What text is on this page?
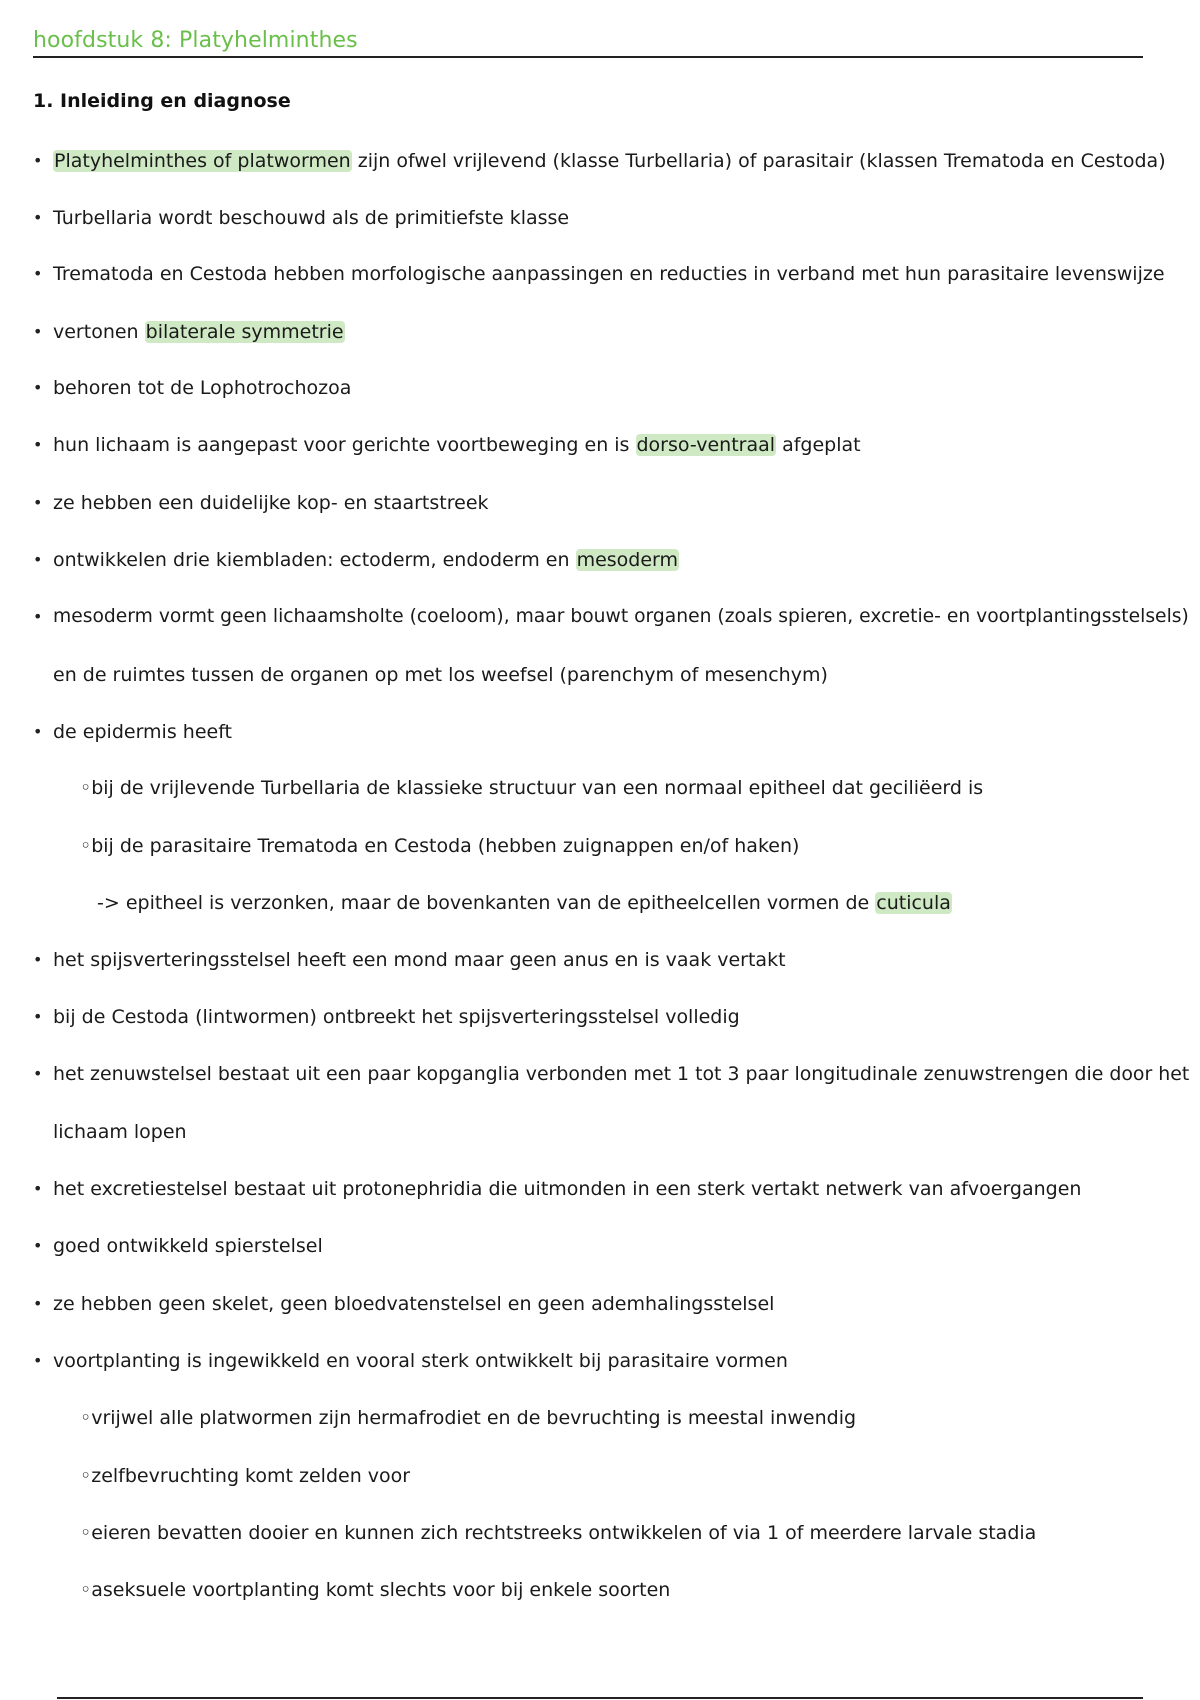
hoofdstuk 8: Platyhelminthes
1. Inleiding en diagnose
• Platyhelminthes of platwormen zijn ofwel vrijlevend (klasse Turbellaria) of parasitair (klassen Trematoda en Cestoda)
• Turbellaria wordt beschouwd als de primitiefste klasse
• Trematoda en Cestoda hebben morfologische aanpassingen en reducties in verband met hun parasitaire levenswijze
• vertonen bilaterale symmetrie
• behoren tot de Lophotrochozoa
• hun lichaam is aangepast voor gerichte voortbeweging en is dorso-ventraal afgeplat
• ze hebben een duidelijke kop- en staartstreek
• ontwikkelen drie kiembladen: ectoderm, endoderm en mesoderm
• mesoderm vormt geen lichaamsholte (coeloom), maar bouwt organen (zoals spieren, excretie- en voortplantingsstelsels)
en de ruimtes tussen de organen op met los weefsel (parenchym of mesenchym)
• de epidermis heeft
◦bij de vrijlevende Turbellaria de klassieke structuur van een normaal epitheel dat geciliëerd is
◦bij de parasitaire Trematoda en Cestoda (hebben zuignappen en/of haken)
-> epitheel is verzonken, maar de bovenkanten van de epitheelcellen vormen de cuticula
• het spijsverteringsstelsel heeft een mond maar geen anus en is vaak vertakt
• bij de Cestoda (lintwormen) ontbreekt het spijsverteringsstelsel volledig
• het zenuwstelsel bestaat uit een paar kopganglia verbonden met 1 tot 3 paar longitudinale zenuwstrengen die door het
lichaam lopen
• het excretiestelsel bestaat uit protonephridia die uitmonden in een sterk vertakt netwerk van afvoergangen
• goed ontwikkeld spierstelsel
• ze hebben geen skelet, geen bloedvatenstelsel en geen ademhalingsstelsel
• voortplanting is ingewikkeld en vooral sterk ontwikkelt bij parasitaire vormen
◦vrijwel alle platwormen zijn hermafrodiet en de bevruchting is meestal inwendig
◦zelfbevruchting komt zelden voor
◦eieren bevatten dooier en kunnen zich rechtstreeks ontwikkelen of via 1 of meerdere larvale stadia
◦aseksuele voortplanting komt slechts voor bij enkele soorten
